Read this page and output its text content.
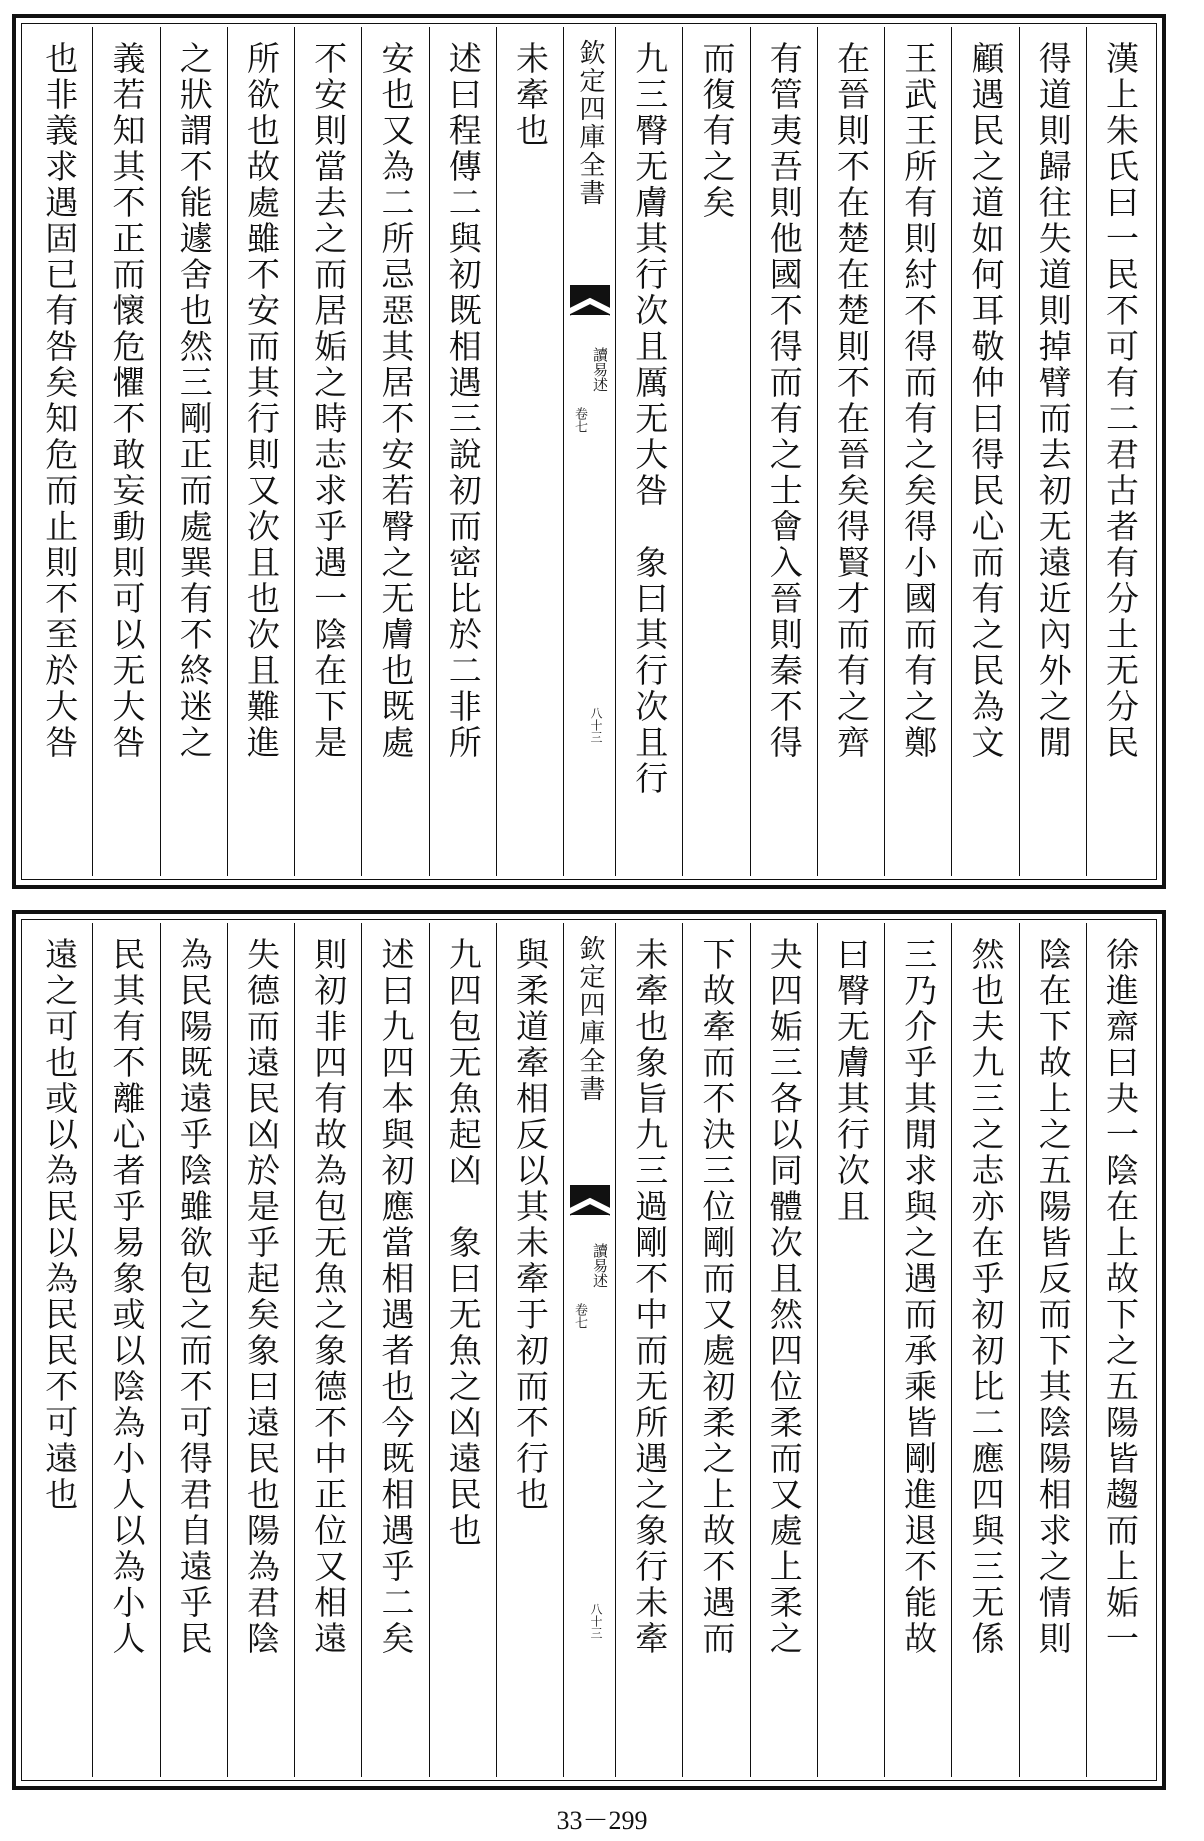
漢上朱氏曰一民不可有二君古者有分土无分民
得道則歸往失道則掉臂而去初无遠近內外之閒
顧遇民之道如何耳敬仲曰得民心而有之民為文
王武王所有則紂不得而有之矣得小國而有之鄭
在晉則不在楚在楚則不在晉矣得賢才而有之齊
有管夷吾則他國不得而有之士會入晉則秦不得
而復有之矣
九三臀无膚其行次且厲无大咎　象曰其行次且行
欽定四庫全書
讀易述
卷七
八十三
未牽也
述曰程傳二與初既相遇三說初而密比於二非所
安也又為二所忌惡其居不安若臀之无膚也既處
不安則當去之而居姤之時志求乎遇一陰在下是
所欲也故處雖不安而其行則又次且也次且難進
之狀謂不能遽舍也然三剛正而處巽有不終迷之
義若知其不正而懷危懼不敢妄動則可以无大咎
也非義求遇固已有咎矣知危而止則不至於大咎
徐進齋曰夬一陰在上故下之五陽皆趨而上姤一
陰在下故上之五陽皆反而下其陰陽相求之情則
然也夫九三之志亦在乎初初比二應四與三无係
三乃介乎其閒求與之遇而承乘皆剛進退不能故
曰臀无膚其行次且
夬四姤三各以同體次且然四位柔而又處上柔之
下故牽而不決三位剛而又處初柔之上故不遇而
未牽也象旨九三過剛不中而无所遇之象行未牽
欽定四庫全書
讀易述
卷七
八十三
與柔道牽相反以其未牽于初而不行也
九四包无魚起凶　象曰无魚之凶遠民也
述曰九四本與初應當相遇者也今既相遇乎二矣
則初非四有故為包无魚之象德不中正位又相遠
失德而遠民凶於是乎起矣象曰遠民也陽為君陰
為民陽既遠乎陰雖欲包之而不可得君自遠乎民
民其有不離心者乎易象或以陰為小人以為小人
遠之可也或以為民以為民民不可遠也
33－299
